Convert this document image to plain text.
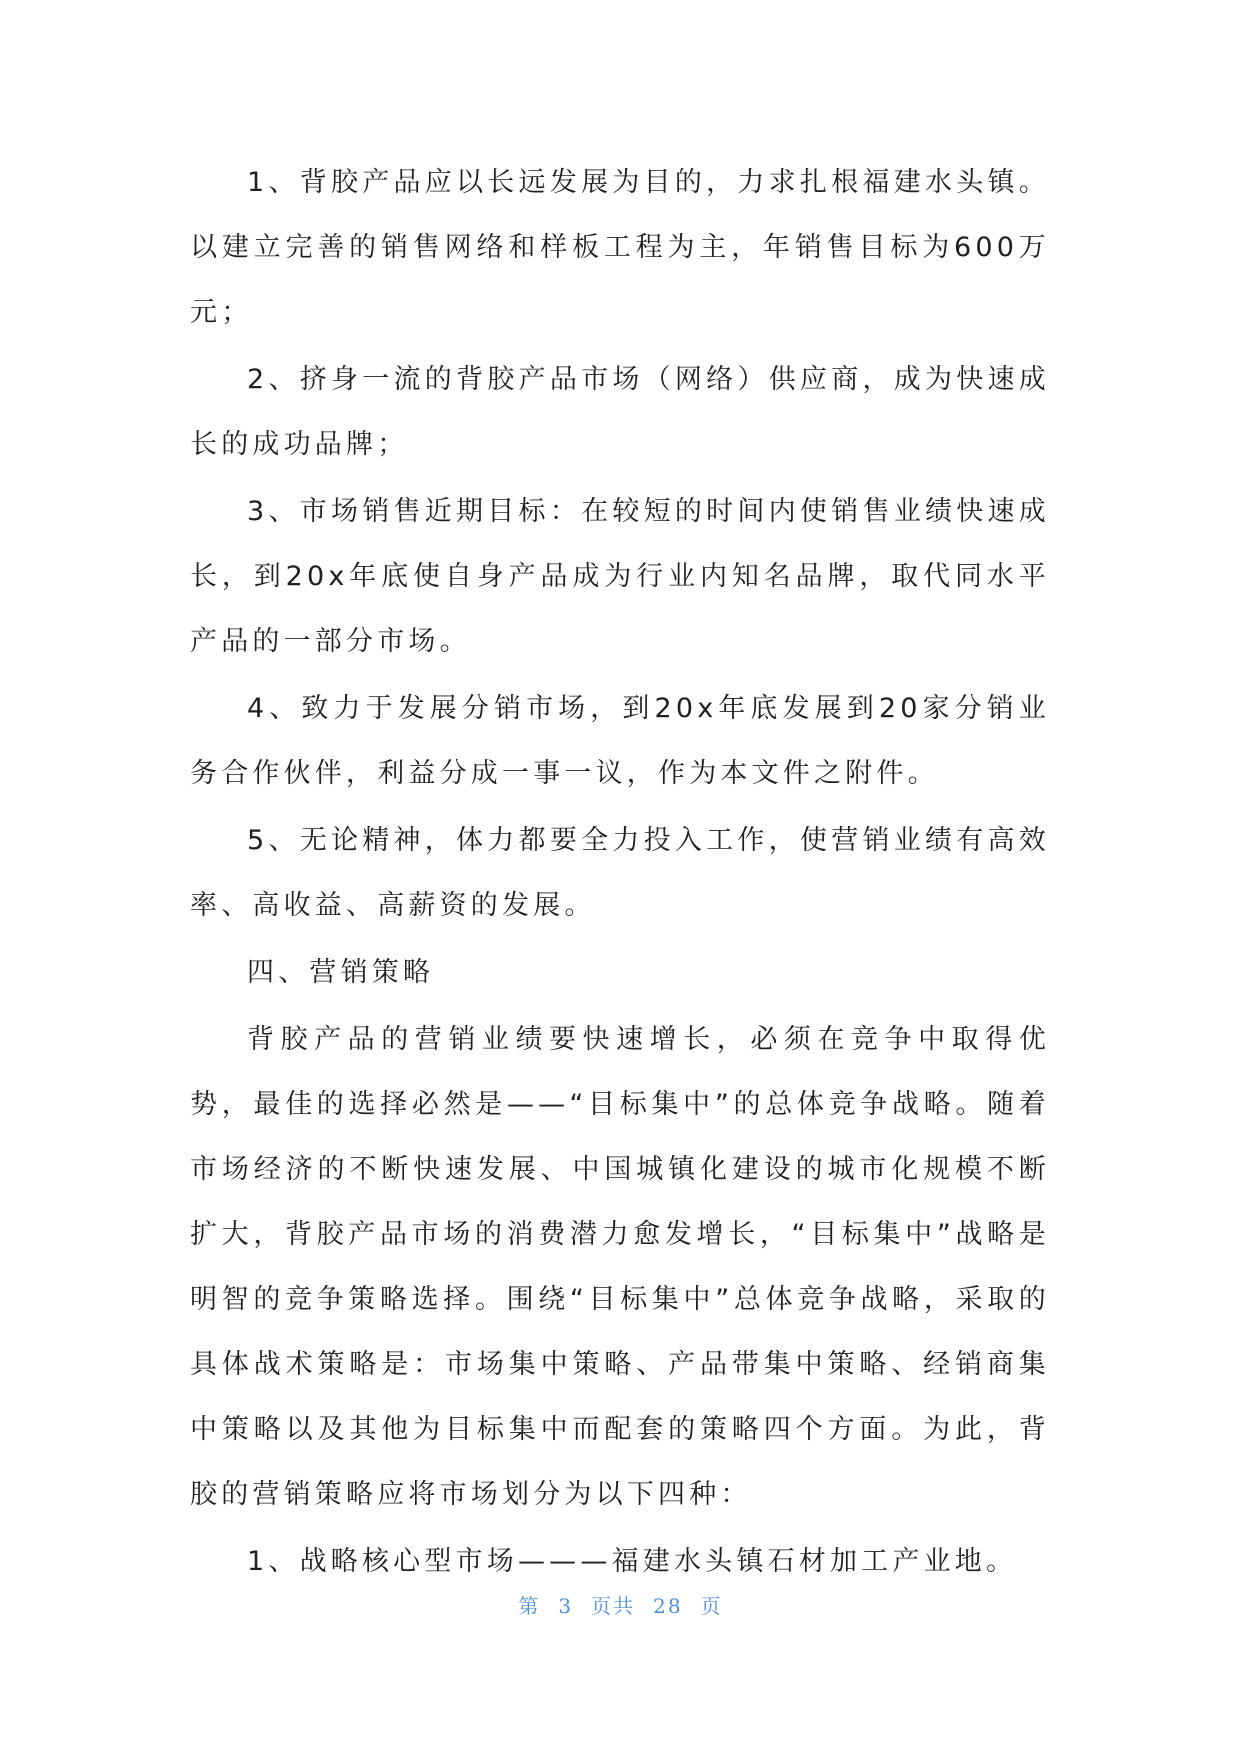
1、背胶产品应以长远发展为目的，力求扎根福建水头镇。以建立完善的销售网络和样板工程为主，年销售目标为600万元；

2、挤身一流的背胶产品市场（网络）供应商，成为快速成长的成功品牌；

3、市场销售近期目标：在较短的时间内使销售业绩快速成长，到20x年底使自身产品成为行业内知名品牌，取代同水平产品的一部分市场。

4、致力于发展分销市场，到20x年底发展到20家分销业务合作伙伴，利益分成一事一议，作为本文件之附件。

5、无论精神，体力都要全力投入工作，使营销业绩有高效率、高收益、高薪资的发展。

四、营销策略

背胶产品的营销业绩要快速增长，必须在竞争中取得优势，最佳的选择必然是——“目标集中”的总体竞争战略。随着市场经济的不断快速发展、中国城镇化建设的城市化规模不断扩大，背胶产品市场的消费潜力愈发增长，“目标集中”战略是明智的竞争策略选择。围绕“目标集中”总体竞争战略，采取的具体战术策略是：市场集中策略、产品带集中策略、经销商集中策略以及其他为目标集中而配套的策略四个方面。为此，背胶的营销策略应将市场划分为以下四种：

1、战略核心型市场———福建水头镇石材加工产业地。

第 3 页共 28 页
